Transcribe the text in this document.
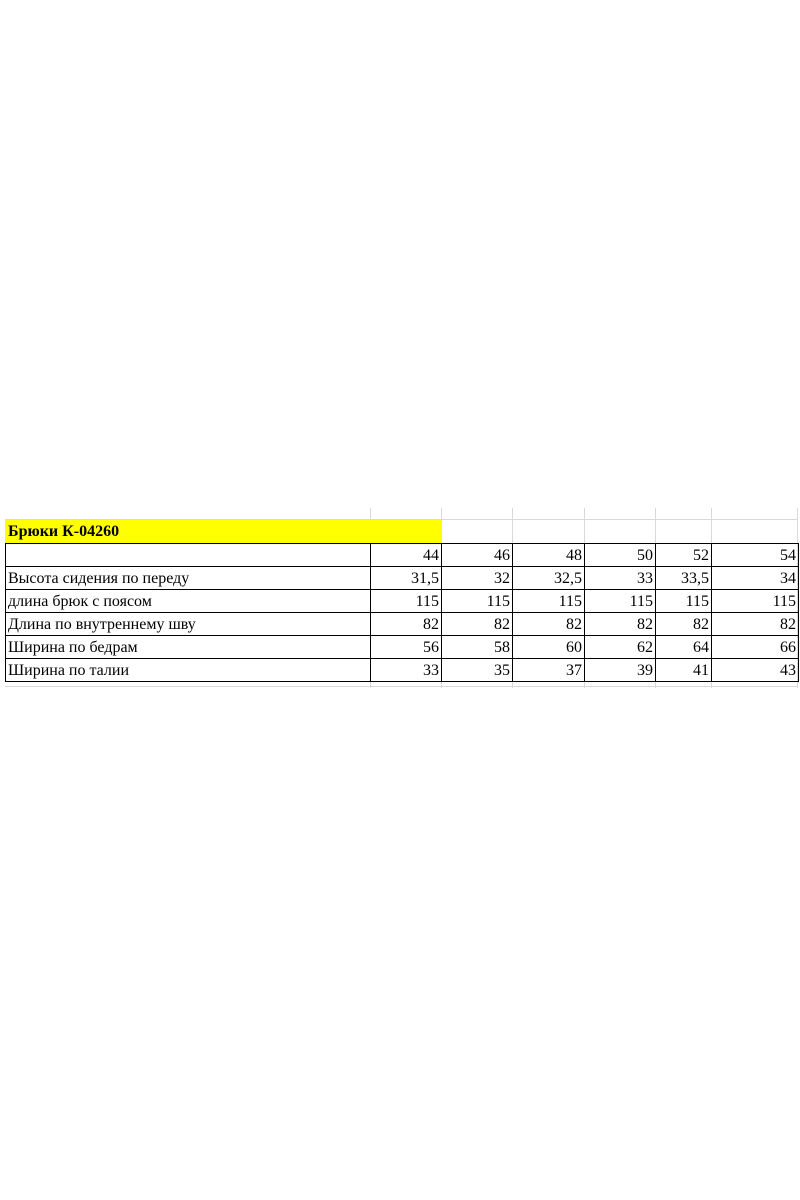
Брюки К-04260
	44	46	48	50	52	54
Высота сидения по переду	31,5	32	32,5	33	33,5	34
длина брюк с поясом	115	115	115	115	115	115
Длина по внутреннему шву	82	82	82	82	82	82
Ширина по бедрам	56	58	60	62	64	66
Ширина по талии	33	35	37	39	41	43
